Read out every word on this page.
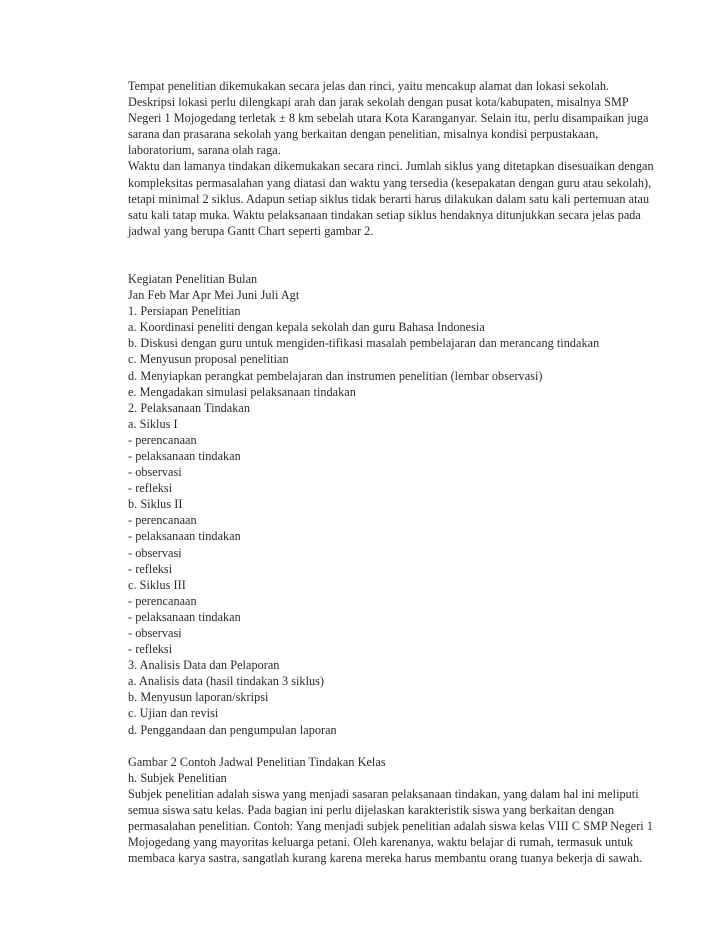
Tempat penelitian dikemukakan secara jelas dan rinci, yaitu mencakup alamat dan lokasi sekolah.
Deskripsi lokasi perlu dilengkapi arah dan jarak sekolah dengan pusat kota/kabupaten, misalnya SMP
Negeri 1 Mojogedang terletak ± 8 km sebelah utara Kota Karanganyar. Selain itu, perlu disampaikan juga
sarana dan prasarana sekolah yang berkaitan dengan penelitian, misalnya kondisi perpustakaan,
laboratorium, sarana olah raga.
Waktu dan lamanya tindakan dikemukakan secara rinci. Jumlah siklus yang ditetapkan disesuaikan dengan
kompleksitas permasalahan yang diatasi dan waktu yang tersedia (kesepakatan dengan guru atau sekolah),
tetapi minimal 2 siklus. Adapun setiap siklus tidak berarti harus dilakukan dalam satu kali pertemuan atau
satu kali tatap muka. Waktu pelaksanaan tindakan setiap siklus hendaknya ditunjukkan secara jelas pada
jadwal yang berupa Gantt Chart seperti gambar 2.
Kegiatan Penelitian Bulan
Jan Feb Mar Apr Mei Juni Juli Agt
1. Persiapan Penelitian
a. Koordinasi peneliti dengan kepala sekolah dan guru Bahasa Indonesia
b. Diskusi dengan guru untuk mengiden-tifikasi masalah pembelajaran dan merancang tindakan
c. Menyusun proposal penelitian
d. Menyiapkan perangkat pembelajaran dan instrumen penelitian (lembar observasi)
e. Mengadakan simulasi pelaksanaan tindakan
2. Pelaksanaan Tindakan
a. Siklus I
- perencanaan
- pelaksanaan tindakan
- observasi
- refleksi
b. Siklus II
- perencanaan
- pelaksanaan tindakan
- observasi
- refleksi
c. Siklus III
- perencanaan
- pelaksanaan tindakan
- observasi
- refleksi
3. Analisis Data dan Pelaporan
a. Analisis data (hasil tindakan 3 siklus)
b. Menyusun laporan/skripsi
c. Ujian dan revisi
d. Penggandaan dan pengumpulan laporan
Gambar 2 Contoh Jadwal Penelitian Tindakan Kelas
h. Subjek Penelitian
Subjek penelitian adalah siswa yang menjadi sasaran pelaksanaan tindakan, yang dalam hal ini meliputi
semua siswa satu kelas. Pada bagian ini perlu dijelaskan karakteristik siswa yang berkaitan dengan
permasalahan penelitian. Contoh: Yang menjadi subjek penelitian adalah siswa kelas VIII C SMP Negeri 1
Mojogedang yang mayoritas keluarga petani. Oleh karenanya, waktu belajar di rumah, termasuk untuk
membaca karya sastra, sangatlah kurang karena mereka harus membantu orang tuanya bekerja di sawah.
